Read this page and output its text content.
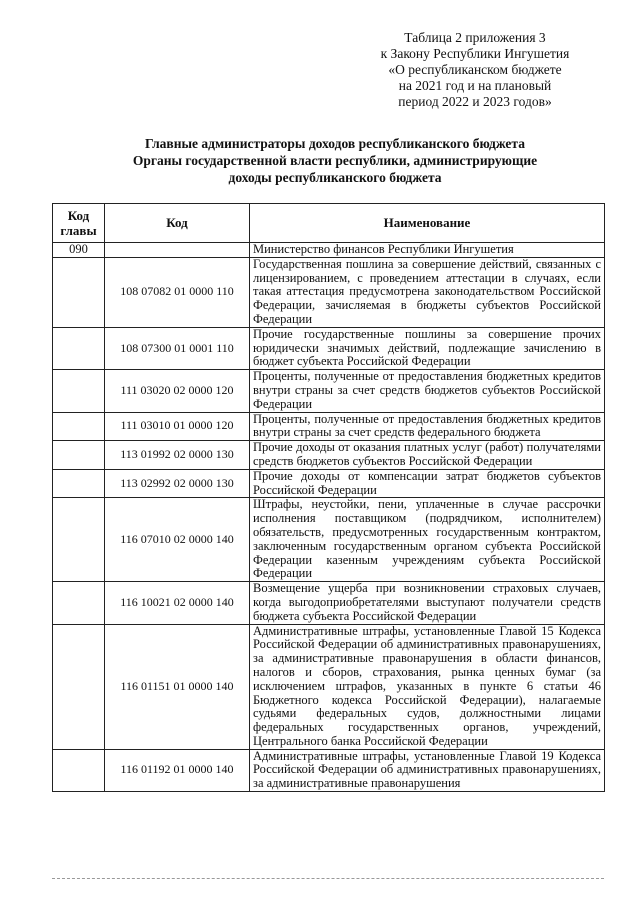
Таблица 2 приложения 3
к Закону Республики Ингушетия
«О республиканском бюджете
на 2021 год и на плановый
период 2022 и 2023 годов»
Главные администраторы доходов республиканского бюджета
Органы государственной власти республики, администрирующие
доходы республиканского бюджета
Код
главы	Код	Наименование
090		Министерство финансов Республики Ингушетия
	108 07082 01 0000 110	Государственная пошлина за совершение действий, связанных с лицензированием, с проведением аттестации в случаях, если такая аттестация предусмотрена законодательством Российской Федерации, зачисляемая в бюджеты субъектов Российской Федерации
	108 07300 01 0001 110	Прочие государственные пошлины за совершение прочих юридически значимых действий, подлежащие зачислению в бюджет субъекта Российской Федерации
	111 03020 02 0000 120	Проценты, полученные от предоставления бюджетных кредитов внутри страны за счет средств бюджетов субъектов Российской Федерации
	111 03010 01 0000 120	Проценты, полученные от предоставления бюджетных кредитов внутри страны за счет средств федерального бюджета
	113 01992 02 0000 130	Прочие доходы от оказания платных услуг (работ) получателями средств бюджетов субъектов Российской Федерации
	113 02992 02 0000 130	Прочие доходы от компенсации затрат бюджетов субъектов Российской Федерации
	116 07010 02 0000 140	Штрафы, неустойки, пени, уплаченные в случае рассрочки исполнения поставщиком (подрядчиком, исполнителем) обязательств, предусмотренных государственным контрактом, заключенным государственным органом субъекта Российской Федерации казенным учреждениям субъекта Российской Федерации
	116 10021 02 0000 140	Возмещение ущерба при возникновении страховых случаев, когда выгодоприобретателями выступают получатели средств бюджета субъекта Российской Федерации
	116 01151 01 0000 140	Административные штрафы, установленные Главой 15 Кодекса Российской Федерации об административных правонарушениях, за административные правонарушения в области финансов, налогов и сборов, страхования, рынка ценных бумаг (за исключением штрафов, указанных в пункте 6 статьи 46 Бюджетного кодекса Российской Федерации), налагаемые судьями федеральных судов, должностными лицами федеральных государственных органов, учреждений, Центрального банка Российской Федерации
	116 01192 01 0000 140	Административные штрафы, установленные Главой 19 Кодекса Российской Федерации об административных правонарушениях, за административные правонарушения
